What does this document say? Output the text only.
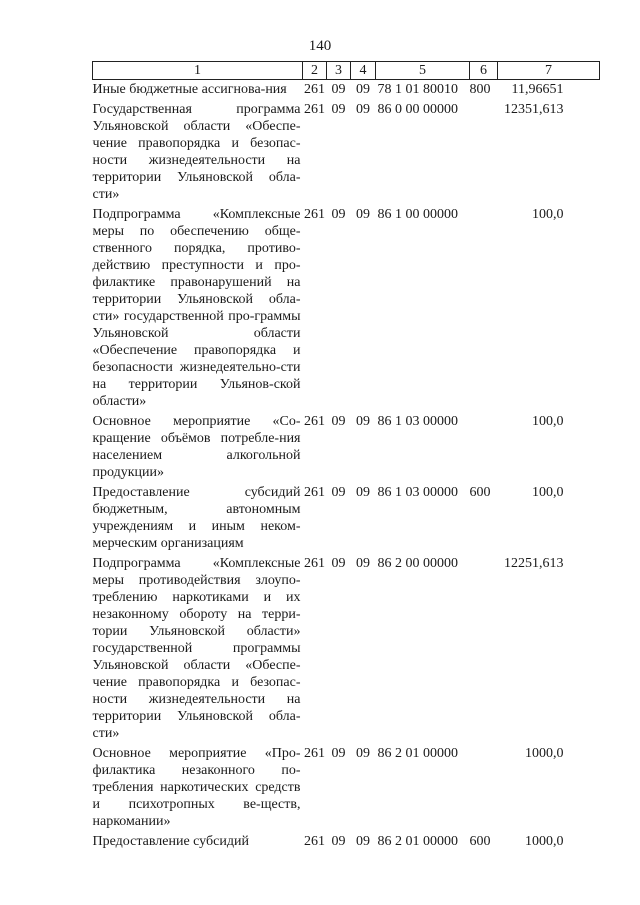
140
1	2	3	4	5	6	7
Иные бюджетные ассигнова-ния	261	09	09	78 1 01 80010	800	11,96651
Государственная программа Ульяновской области «Обеспе-чение правопорядка и безопас-ности жизнедеятельности на территории Ульяновской обла-сти»	261	09	09	86 0 00 00000		12351,613
Подпрограмма «Комплексные меры по обеспечению обще-ственного порядка, противо-действию преступности и про-филактике правонарушений на территории Ульяновской обла-сти» государственной про-граммы Ульяновской области «Обеспечение правопорядка и безопасности жизнедеятельно-сти на территории Ульянов-ской области»	261	09	09	86 1 00 00000		100,0
Основное мероприятие «Со-кращение объёмов потребле-ния населением алкогольной продукции»	261	09	09	86 1 03 00000		100,0
Предоставление субсидий бюджетным, автономным учреждениям и иным неком-мерческим организациям	261	09	09	86 1 03 00000	600	100,0
Подпрограмма «Комплексные меры противодействия злоупо-треблению наркотиками и их незаконному обороту на терри-тории Ульяновской области» государственной программы Ульяновской области «Обеспе-чение правопорядка и безопас-ности жизнедеятельности на территории Ульяновской обла-сти»	261	09	09	86 2 00 00000		12251,613
Основное мероприятие «Про-филактика незаконного по-требления наркотических средств и психотропных ве-ществ, наркомании»	261	09	09	86 2 01 00000		1000,0
Предоставление субсидий	261	09	09	86 2 01 00000	600	1000,0
